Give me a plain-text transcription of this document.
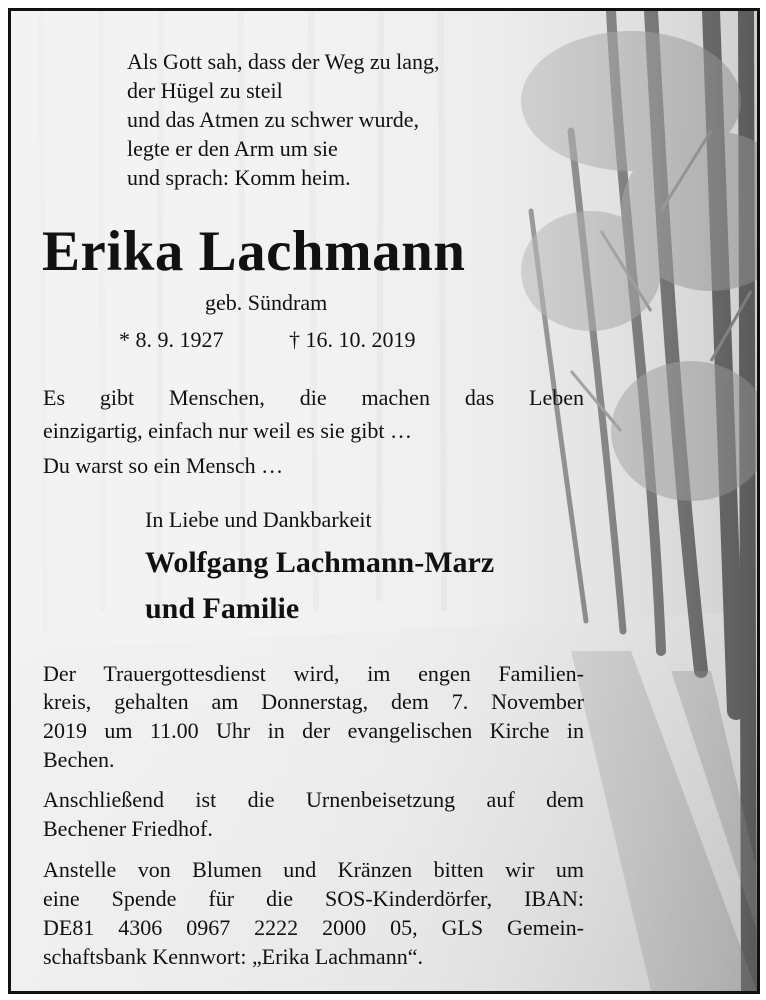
Als Gott sah, dass der Weg zu lang,
der Hügel zu steil
und das Atmen zu schwer wurde,
legte er den Arm um sie
und sprach: Komm heim.
Erika Lachmann
geb. Sündram
* 8. 9. 1927	† 16. 10. 2019
Es gibt Menschen, die machen das Leben
einzigartig, einfach nur weil es sie gibt …
Du warst so ein Mensch …
In Liebe und Dankbarkeit
Wolfgang Lachmann-Marz
und Familie
Der Trauergottesdienst wird, im engen Familien-
kreis, gehalten am Donnerstag, dem 7. November
2019 um 11.00 Uhr in der evangelischen Kirche in
Bechen.
Anschließend ist die Urnenbeisetzung auf dem
Bechener Friedhof.
Anstelle von Blumen und Kränzen bitten wir um
eine Spende für die SOS-Kinderdörfer, IBAN:
DE81 4306 0967 2222 2000 05, GLS Gemein-
schaftsbank Kennwort: „Erika Lachmann“.
